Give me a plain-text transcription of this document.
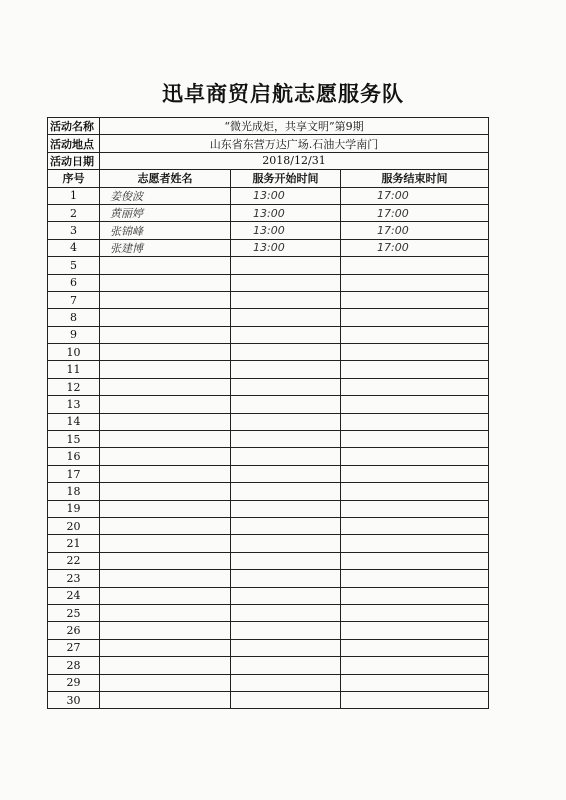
迅卓商贸启航志愿服务队
活动名称	“微光成炬，共享文明”第9期		
活动地点	山东省东营万达广场.石油大学南门		
活动日期	2018/12/31		
序号	志愿者姓名	服务开始时间	服务结束时间
1	姜俊波	13:00	17:00
2	黄丽婷	13:00	17:00
3	张锦峰	13:00	17:00
4	张建博	13:00	17:00
5			
6			
7			
8			
9			
10			
11			
12			
13			
14			
15			
16			
17			
18			
19			
20			
21			
22			
23			
24			
25			
26			
27			
28			
29			
30			
